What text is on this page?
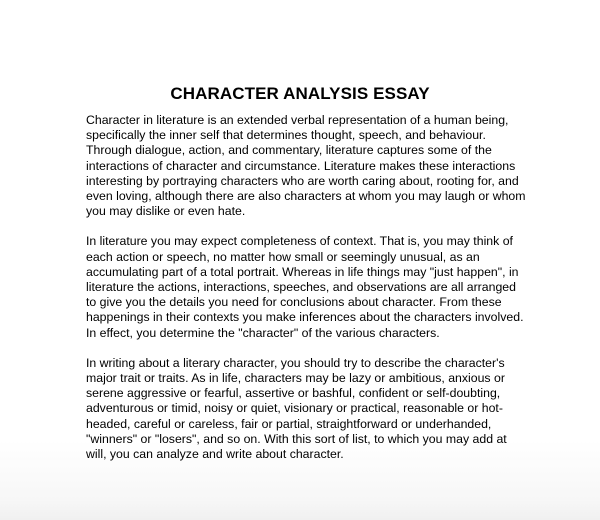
CHARACTER ANALYSIS ESSAY

Character in literature is an extended verbal representation of a human being,
specifically the inner self that determines thought, speech, and behaviour.
Through dialogue, action, and commentary, literature captures some of the
interactions of character and circumstance. Literature makes these interactions
interesting by portraying characters who are worth caring about, rooting for, and
even loving, although there are also characters at whom you may laugh or whom
you may dislike or even hate.

In literature you may expect completeness of context. That is, you may think of
each action or speech, no matter how small or seemingly unusual, as an
accumulating part of a total portrait. Whereas in life things may "just happen", in
literature the actions, interactions, speeches, and observations are all arranged
to give you the details you need for conclusions about character. From these
happenings in their contexts you make inferences about the characters involved.
In effect, you determine the "character" of the various characters.

In writing about a literary character, you should try to describe the character's
major trait or traits. As in life, characters may be lazy or ambitious, anxious or
serene aggressive or fearful, assertive or bashful, confident or self-doubting,
adventurous or timid, noisy or quiet, visionary or practical, reasonable or hot-
headed, careful or careless, fair or partial, straightforward or underhanded,
"winners" or "losers", and so on. With this sort of list, to which you may add at
will, you can analyze and write about character.
